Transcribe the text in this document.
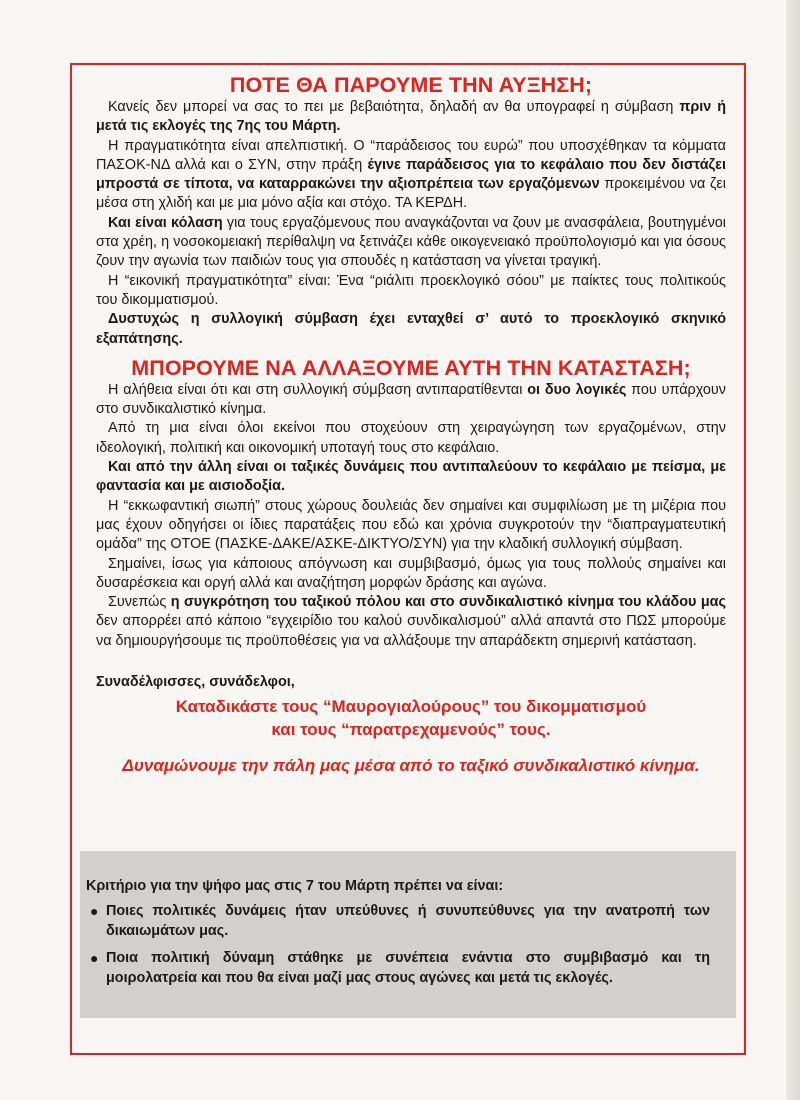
ΠΟΤΕ ΘΑ ΠΑΡΟΥΜΕ ΤΗΝ ΑΥΞΗΣΗ;

Κανείς δεν μπορεί να σας το πει με βεβαιότητα, δηλαδή αν θα υπογραφεί η σύμβαση πριν ή μετά τις εκλογές της 7ης του Μάρτη.

Η πραγματικότητα είναι απελπιστική. Ο “παράδεισος του ευρώ” που υποσχέθηκαν τα κόμματα ΠΑΣΟΚ-ΝΔ αλλά και ο ΣΥΝ, στην πράξη έγινε παράδεισος για το κεφάλαιο που δεν διστάζει μπροστά σε τίποτα, να καταρρακώνει την αξιοπρέπεια των εργαζόμενων προκειμένου να ζει μέσα στη χλιδή και με μια μόνο αξία και στόχο. ΤΑ ΚΕΡΔΗ.

Και είναι κόλαση για τους εργαζόμενους που αναγκάζονται να ζουν με ανασφάλεια, βουτηγμένοι στα χρέη, η νοσοκομειακή περίθαλψη να ξετινάζει κάθε οικογενειακό προϋπολογισμό και για όσους ζουν την αγωνία των παιδιών τους για σπουδές η κατάσταση να γίνεται τραγική.

Η “εικονική πραγματικότητα” είναι: Ένα “ριάλιτι προεκλογικό σόου” με παίκτες τους πολιτικούς του δικομματισμού.

Δυστυχώς η συλλογική σύμβαση έχει ενταχθεί σ’ αυτό το προεκλογικό σκηνικό εξαπάτησης.

ΜΠΟΡΟΥΜΕ ΝΑ ΑΛΛΑΞΟΥΜΕ ΑΥΤΗ ΤΗΝ ΚΑΤΑΣΤΑΣΗ;

Η αλήθεια είναι ότι και στη συλλογική σύμβαση αντιπαρατίθενται οι δυο λογικές που υπάρχουν στο συνδικαλιστικό κίνημα.

Από τη μια είναι όλοι εκείνοι που στοχεύουν στη χειραγώγηση των εργαζομένων, στην ιδεολογική, πολιτική και οικονομική υποταγή τους στο κεφάλαιο.

Και από την άλλη είναι οι ταξικές δυνάμεις που αντιπαλεύουν το κεφάλαιο με πείσμα, με φαντασία και με αισιοδοξία.

Η “εκκωφαντική σιωπή” στους χώρους δουλειάς δεν σημαίνει και συμφιλίωση με τη μιζέρια που μας έχουν οδηγήσει οι ίδιες παρατάξεις που εδώ και χρόνια συγκροτούν την “διαπραγματευτική ομάδα” της ΟΤΟΕ (ΠΑΣΚΕ-ΔΑΚΕ/ΑΣΚΕ-ΔΙΚΤΥΟ/ΣΥΝ) για την κλαδική συλλογική σύμβαση.

Σημαίνει, ίσως για κάποιους απόγνωση και συμβιβασμό, όμως για τους πολλούς σημαίνει και δυσαρέσκεια και οργή αλλά και αναζήτηση μορφών δράσης και αγώνα.

Συνεπώς η συγκρότηση του ταξικού πόλου και στο συνδικαλιστικό κίνημα του κλάδου μας δεν απορρέει από κάποιο “εγχειρίδιο του καλού συνδικαλισμού” αλλά απαντά στο ΠΩΣ μπορούμε να δημιουργήσουμε τις προϋποθέσεις για να αλλάξουμε την απαράδεκτη σημερινή κατάσταση.

Συναδέλφισσες, συνάδελφοι,
Καταδικάστε τους “Μαυρογιαλούρους” του δικομματισμού
και τους “παρατρεχαμενούς” τους.
Δυναμώνουμε την πάλη μας μέσα από το ταξικό συνδικαλιστικό κίνημα.
Κριτήριο για την ψήφο μας στις 7 του Μάρτη πρέπει να είναι:
● Ποιες πολιτικές δυνάμεις ήταν υπεύθυνες ή συνυπεύθυνες για την ανατροπή των δικαιωμάτων μας.
● Ποια πολιτική δύναμη στάθηκε με συνέπεια ενάντια στο συμβιβασμό και τη μοιρολατρεία και που θα είναι μαζί μας στους αγώνες και μετά τις εκλογές.
